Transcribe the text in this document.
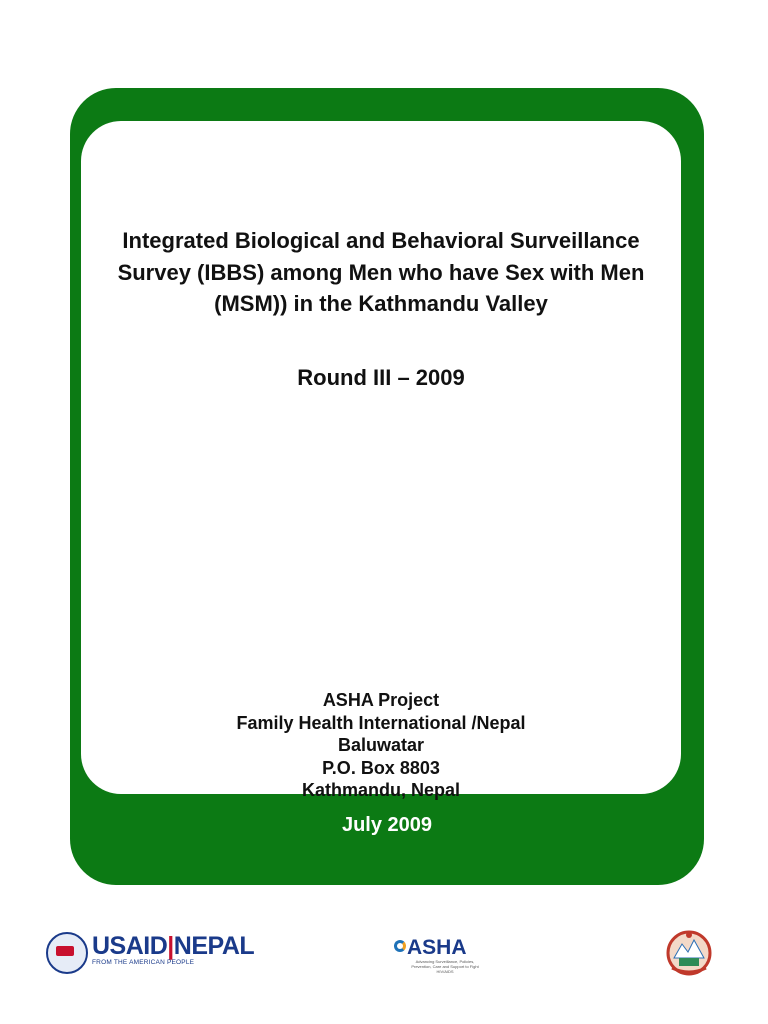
Integrated Biological and Behavioral Surveillance Survey (IBBS) among Men who have Sex with Men (MSM)) in the Kathmandu Valley
Round III – 2009
ASHA Project
Family Health International /Nepal
Baluwatar
P.O. Box 8803
Kathmandu, Nepal
July 2009
USAID|NEPAL
FROM THE AMERICAN PEOPLE
ASHA
Advancing Surveillance, Policies, Prevention, Care and Support to Fight HIV/AIDS
